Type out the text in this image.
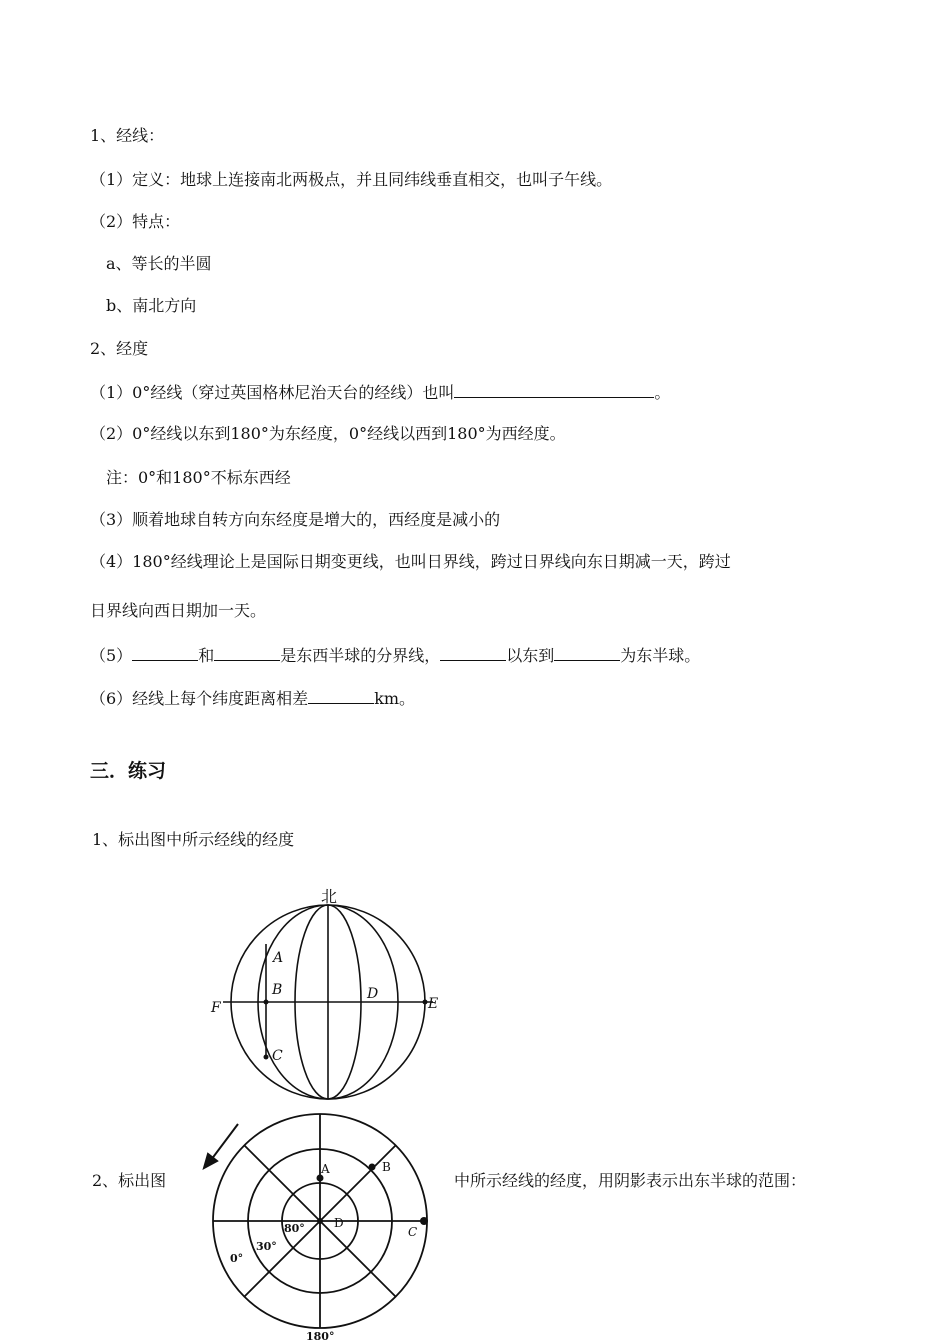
1、经线：
（1）定义：地球上连接南北两极点，并且同纬线垂直相交，也叫子午线。
（2）特点：
a、等长的半圆
b、南北方向
2、经度
（1）0°经线（穿过英国格林尼治天台的经线）也叫	。
（2）0°经线以东到180°为东经度，0°经线以西到180°为西经度。
注：0°和180°不标东西经
（3）顺着地球自转方向东经度是增大的，西经度是减小的
（4）180°经线理论上是国际日期变更线，也叫日界线，跨过日界线向东日期减一天，跨过
日界线向西日期加一天。
（5）	和	是东西半球的分界线，	以东到	为东半球。
（6）经线上每个纬度距离相差	km。
三．练习
1、标出图中所示经线的经度
北
A
B
C
D
E
F
2、标出图	中所示经线的经度，用阴影表示出东半球的范围：
A	B
C
D
80°
30°
0°
180°
